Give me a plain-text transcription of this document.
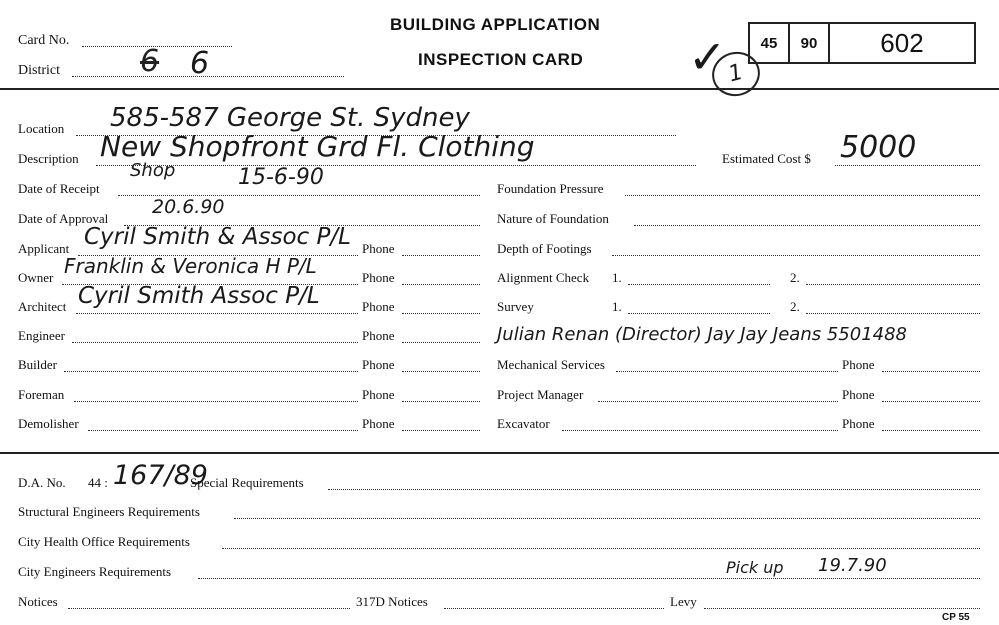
Card No.
District	6 6
BUILDING APPLICATION
INSPECTION CARD ✓ 1
45	90	602
Location 585-587 George St. Sydney
Description New Shopfront Grd Fl. Clothing
Shop
Estimated Cost $ 5000
Date of Receipt	15-6-90
Date of Approval
20.6.90
Applicant	Phone
Cyril Smith & Assoc P/L
Owner	Phone
Franklin & Veronica H P/L
Architect	Phone
Cyril Smith Assoc P/L
Engineer	Phone
Builder	Phone
Foreman	Phone
Demolisher	Phone
Foundation Pressure
Nature of Foundation
Depth of Footings
Alignment Check 1.	2.
Survey	1.	2.
Julian Renan (Director) Jay Jay Jeans 5501488
Mechanical Services	Phone
Project Manager	Phone
Excavator	Phone
D.A. No. 44 : 167/89
Special Requirements
Structural Engineers Requirements
City Health Office Requirements
City Engineers Requirements	Pick up 19.7.90
Notices	317D Notices	Levy
CP 55
